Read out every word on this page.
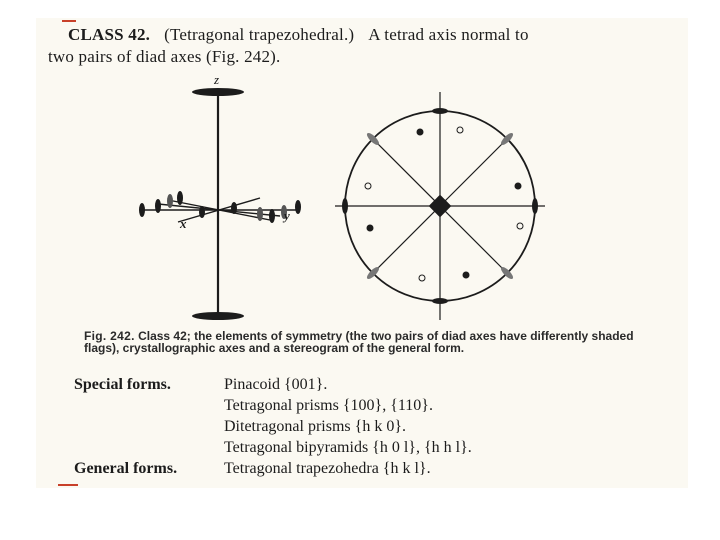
CLASS 42. (Tetragonal trapezohedral.) A tetrad axis normal to
two pairs of diad axes (Fig. 242).
z
x
y
Fig. 242. Class 42; the elements of symmetry (the two pairs of diad axes have differently shaded flags), crystallographic axes and a stereogram of the general form.
Special forms.	Pinacoid {001}.
Tetragonal prisms {100}, {110}.
Ditetragonal prisms {h k 0}.
Tetragonal bipyramids {h 0 l}, {h h l}.
General forms.	Tetragonal trapezohedra {h k l}.
